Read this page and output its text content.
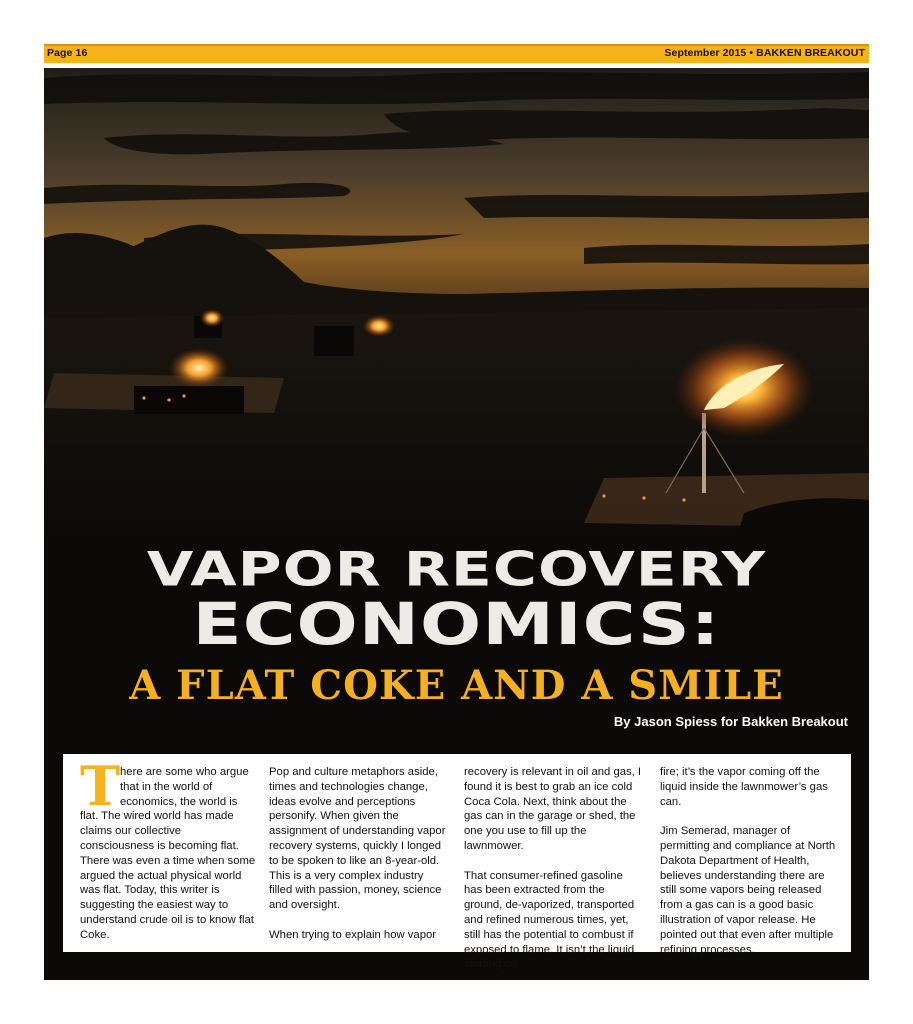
Page 16	September 2015 • BAKKEN BREAKOUT
VAPOR RECOVERY
ECONOMICS:
A FLAT COKE AND A SMILE
By Jason Spiess for Bakken Breakout
T here are some who argue that in the world of economics, the world is flat. The wired world has made claims our collective consciousness is becoming flat. There was even a time when some argued the actual physical world was flat. Today, this writer is suggesting the easiest way to understand crude oil is to know flat Coke.

Pop and culture metaphors aside, times and technologies change, ideas evolve and perceptions personify. When given the assignment of understanding vapor recovery systems, quickly I longed to be spoken to like an 8-year-old. This is a very complex industry filled with passion, money, science and oversight.

When trying to explain how vapor

recovery is relevant in oil and gas, I found it is best to grab an ice cold Coca Cola. Next, think about the gas can in the garage or shed, the one you use to fill up the lawnmower.

That consumer-refined gasoline has been extracted from the ground, de-vaporized, transported and refined numerous times, yet, still has the potential to combust if exposed to flame. It isn’t the liquid starting on

fire; it’s the vapor coming off the liquid inside the lawnmower’s gas can.

Jim Semerad, manager of permitting and compliance at North Dakota Department of Health, believes understanding there are still some vapors being released from a gas can is a good basic illustration of vapor release. He pointed out that even after multiple refining processes,
